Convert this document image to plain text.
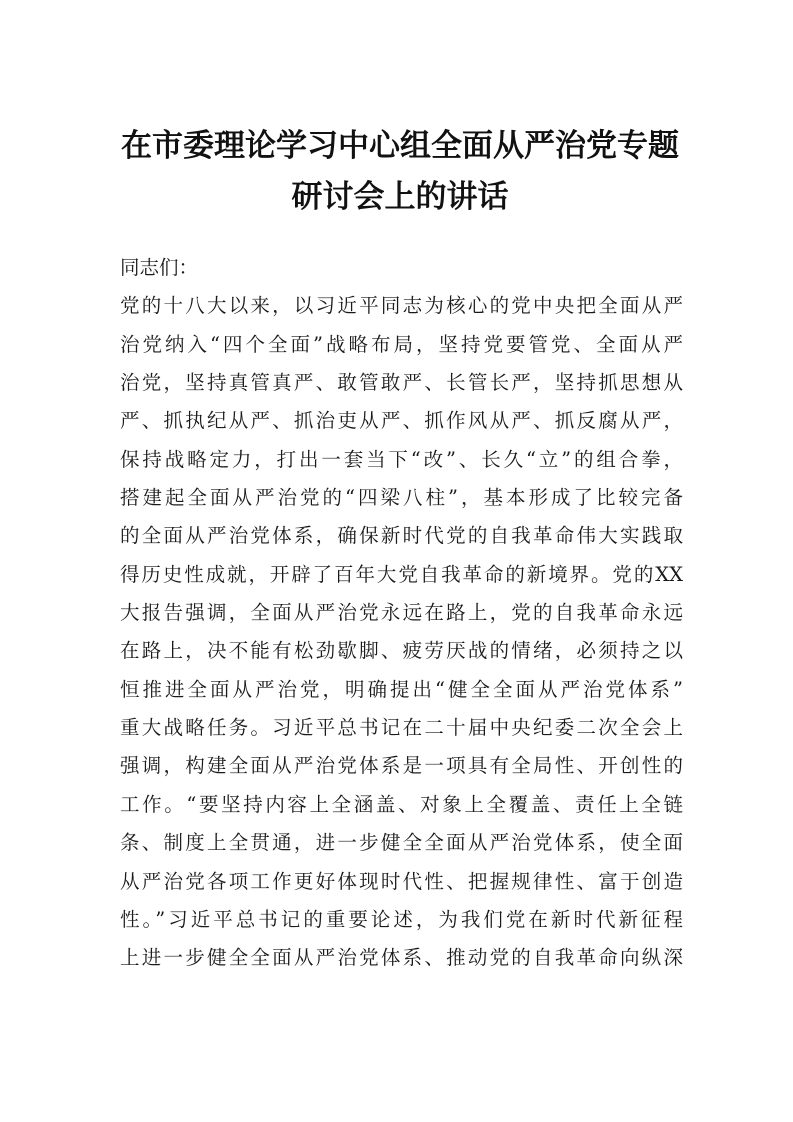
在市委理论学习中心组全面从严治党专题
研讨会上的讲话
同志们：
党的十八大以来，以习近平同志为核心的党中央把全面从严
治党纳入“四个全面”战略布局，坚持党要管党、全面从严
治党，坚持真管真严、敢管敢严、长管长严，坚持抓思想从
严、抓执纪从严、抓治吏从严、抓作风从严、抓反腐从严，
保持战略定力，打出一套当下“改”、长久“立”的组合拳，
搭建起全面从严治党的“四梁八柱”，基本形成了比较完备
的全面从严治党体系，确保新时代党的自我革命伟大实践取
得历史性成就，开辟了百年大党自我革命的新境界。党的XX
大报告强调，全面从严治党永远在路上，党的自我革命永远
在路上，决不能有松劲歇脚、疲劳厌战的情绪，必须持之以
恒推进全面从严治党，明确提出“健全全面从严治党体系”
重大战略任务。习近平总书记在二十届中央纪委二次全会上
强调，构建全面从严治党体系是一项具有全局性、开创性的
工作。“要坚持内容上全涵盖、对象上全覆盖、责任上全链
条、制度上全贯通，进一步健全全面从严治党体系，使全面
从严治党各项工作更好体现时代性、把握规律性、富于创造
性。”习近平总书记的重要论述，为我们党在新时代新征程
上进一步健全全面从严治党体系、推动党的自我革命向纵深
